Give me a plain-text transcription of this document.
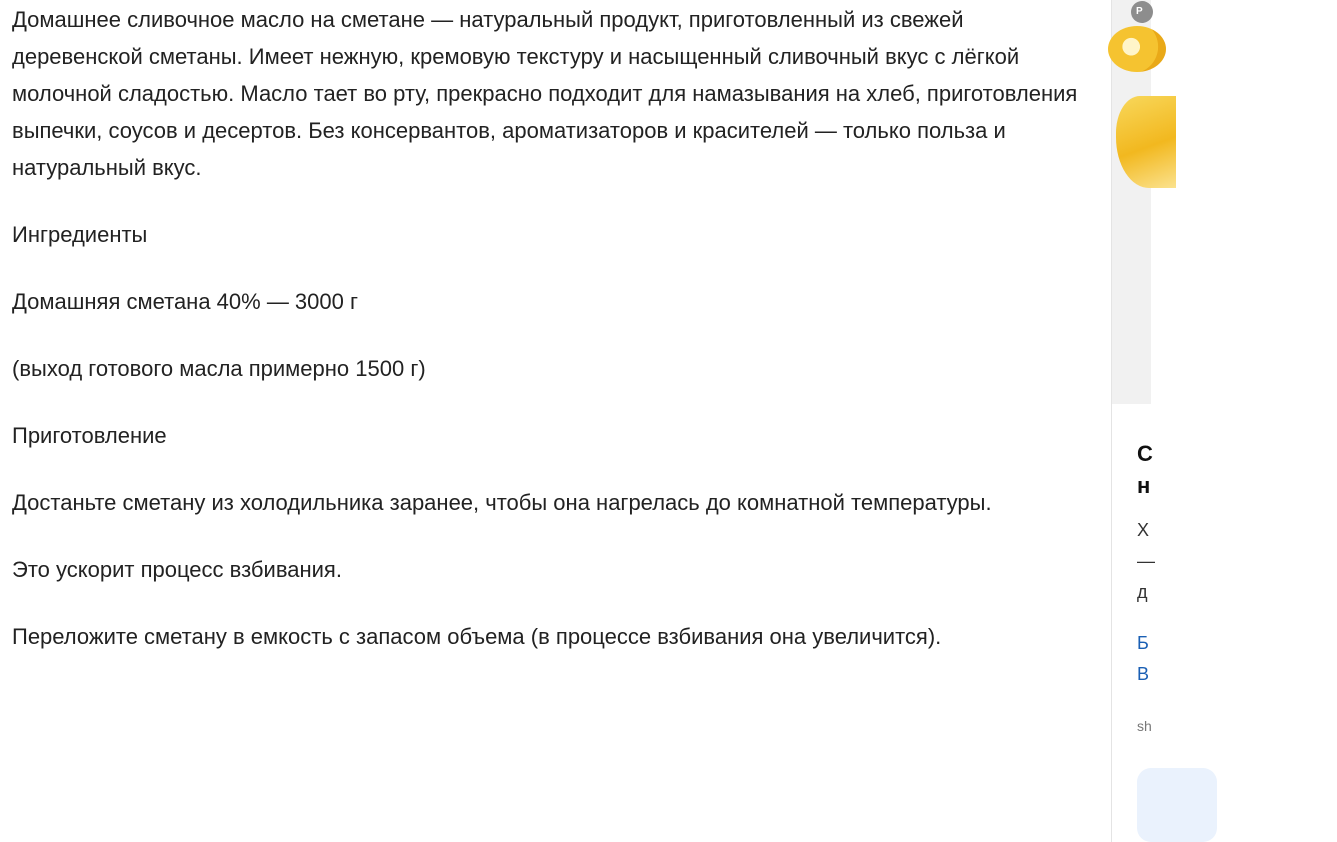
Домашнее сливочное масло на сметане — натуральный продукт, приготовленный из свежей деревенской сметаны. Имеет нежную, кремовую текстуру и насыщенный сливочный вкус с лёгкой молочной сладостью. Масло тает во рту, прекрасно подходит для намазывания на хлеб, приготовления выпечки, соусов и десертов. Без консервантов, ароматизаторов и красителей — только польза и натуральный вкус.

Ингредиенты

Домашняя сметана 40% — 3000 г

(выход готового масла примерно 1500 г)

Приготовление

Достаньте сметану из холодильника заранее, чтобы она нагрелась до комнатной температуры.

Это ускорит процесс взбивания.

Переложите сметану в емкость с запасом объема (в процессе взбивания она увеличится).

Р
С
н
Х
—
д
Б
В
sh
